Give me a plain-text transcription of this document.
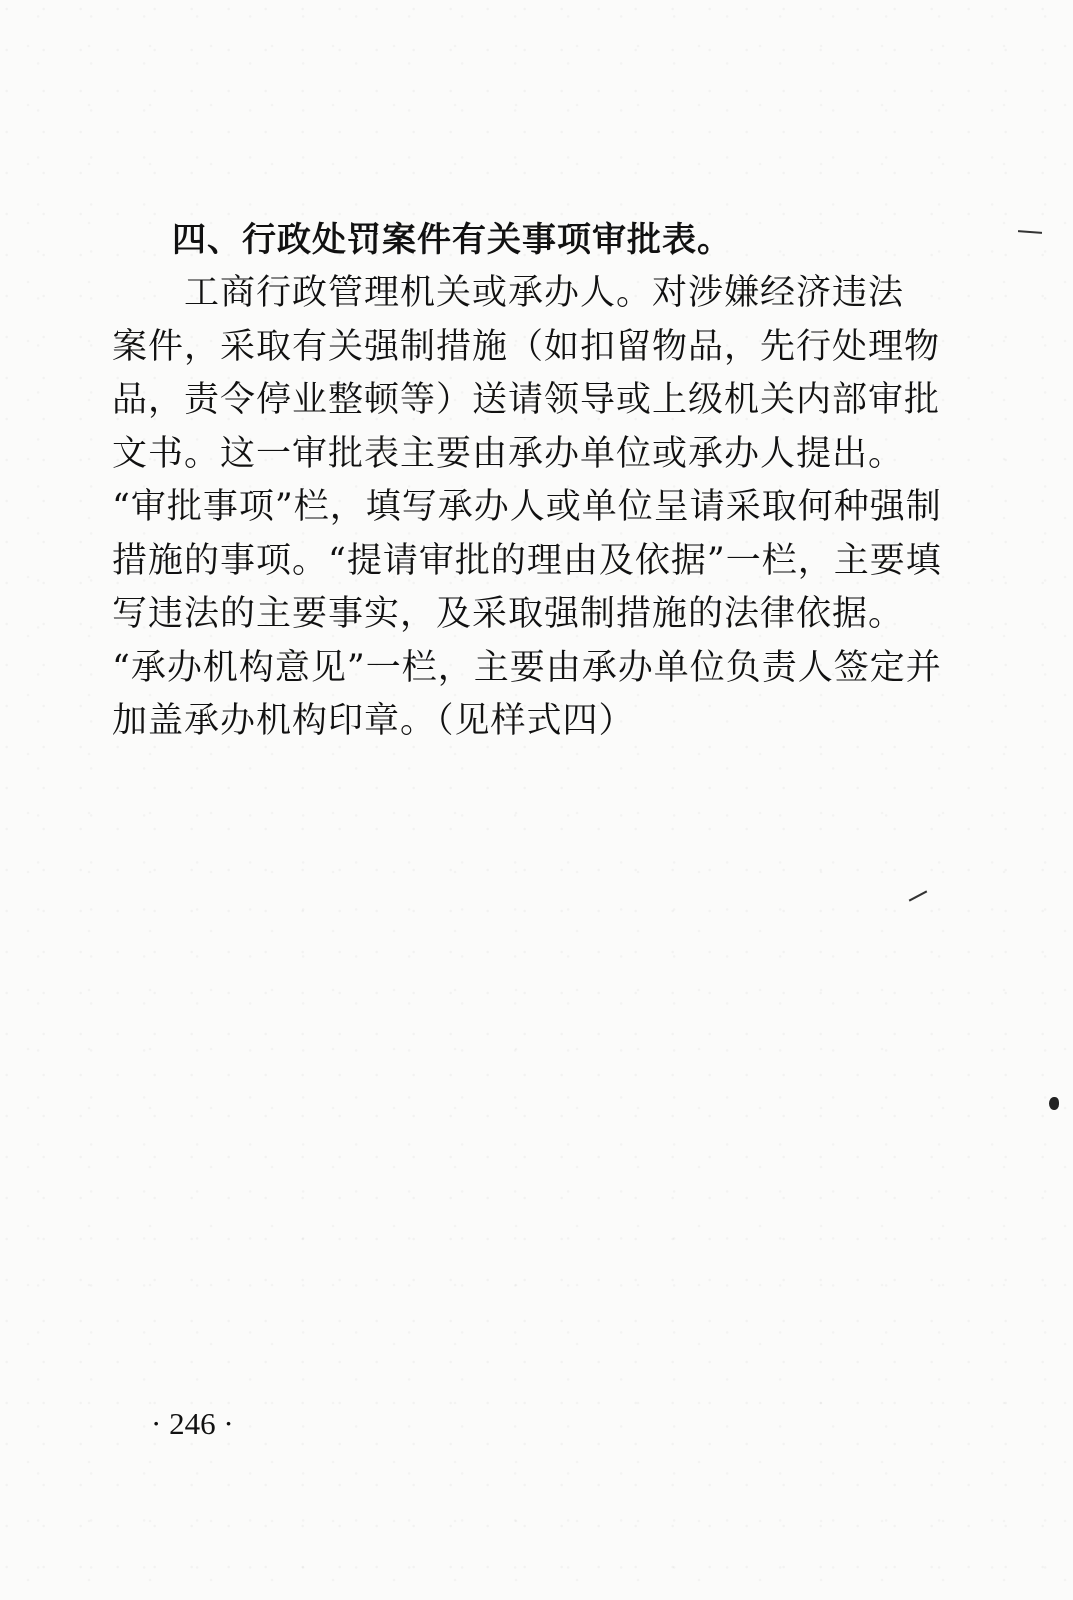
四、行政处罚案件有关事项审批表。

　　工商行政管理机关或承办人。对涉嫌经济违法

案件，采取有关强制措施（如扣留物品，先行处理物

品，责令停业整顿等）送请领导或上级机关内部审批

文书。这一审批表主要由承办单位或承办人提出。

“审批事项”栏，填写承办人或单位呈请采取何种强制

措施的事项。“提请审批的理由及依据”一栏，主要填

写违法的主要事实，及采取强制措施的法律依据。

“承办机构意见”一栏，主要由承办单位负责人签定并

加盖承办机构印章。（见样式四）

· 246 ·
